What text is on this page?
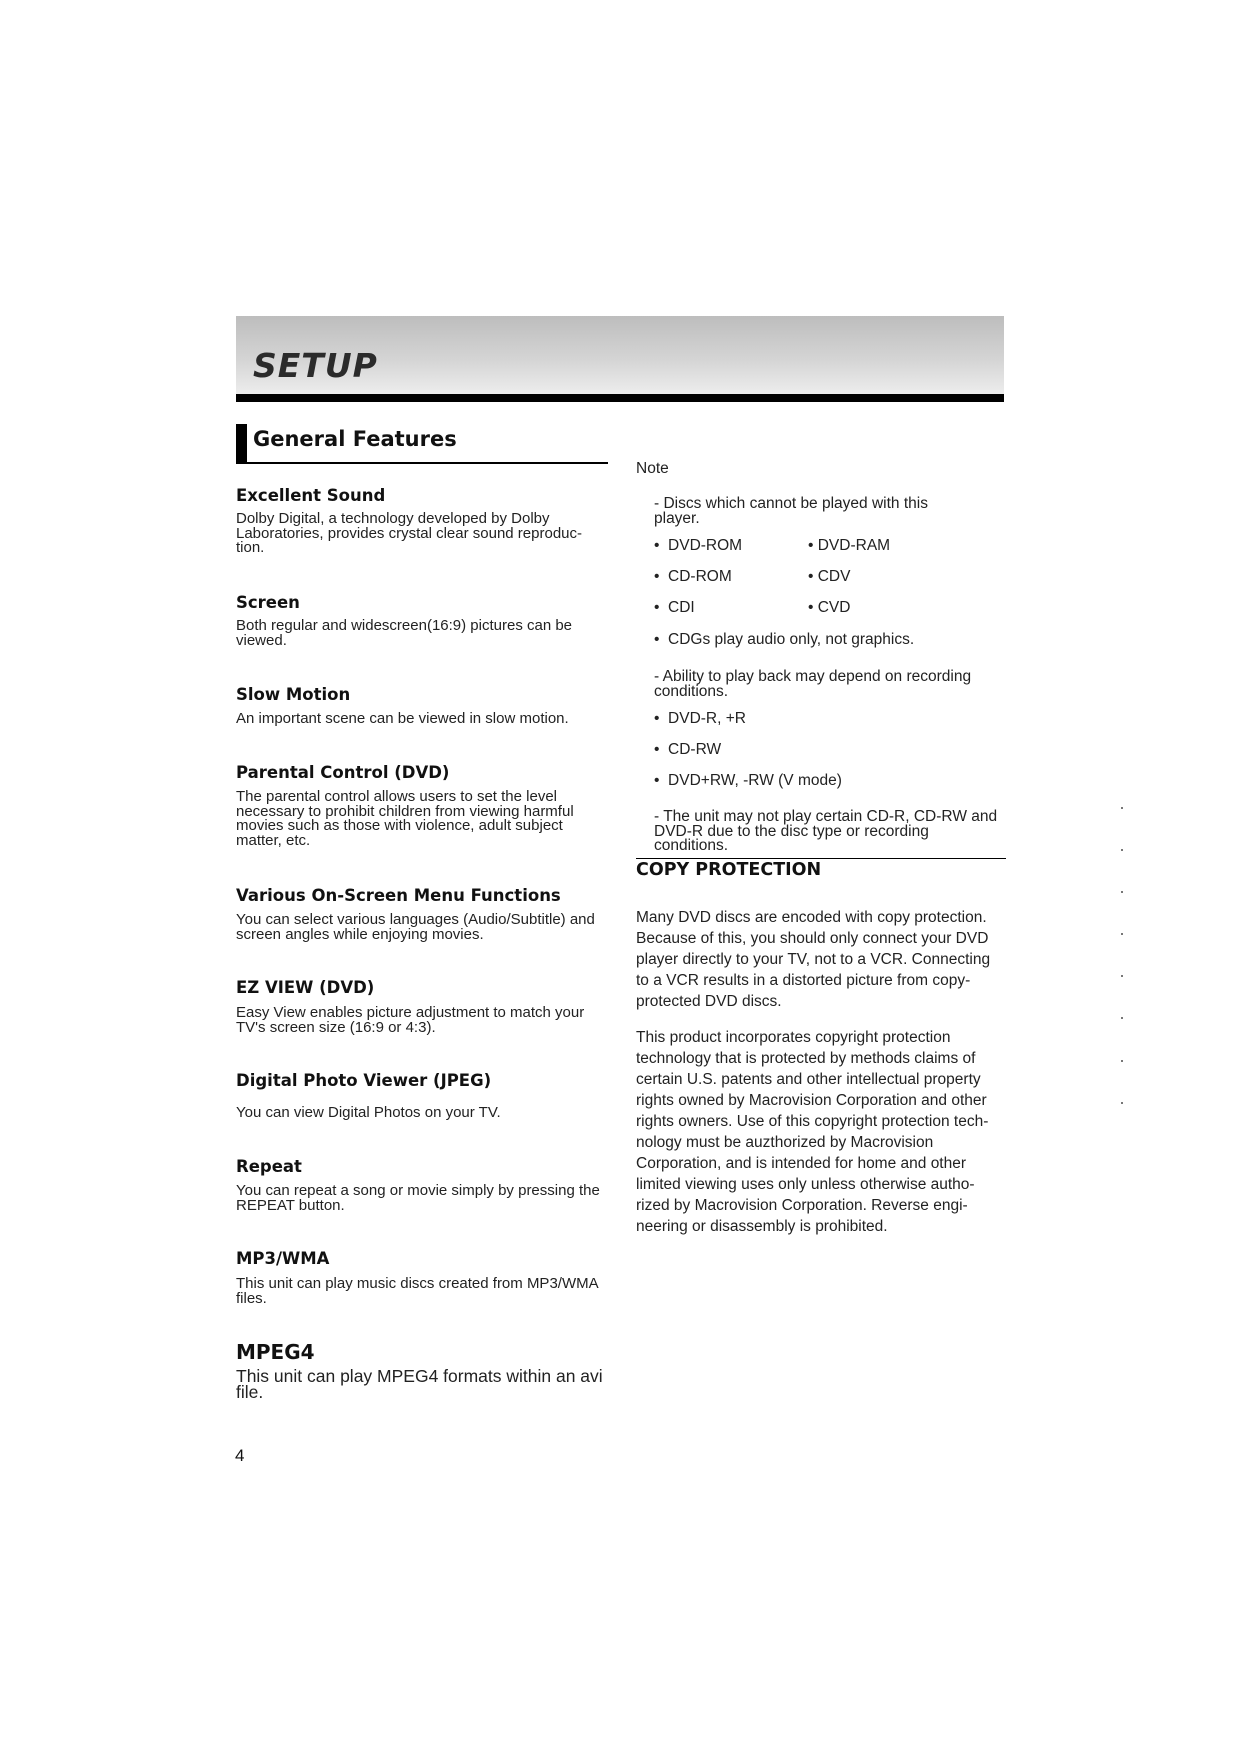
SETUP
General Features
Excellent Sound

Dolby Digital, a technology developed by Dolby Laboratories, provides crystal clear sound reproduc-tion.

Screen

Both regular and widescreen(16:9) pictures can be viewed.

Slow Motion

An important scene can be viewed in slow motion.

Parental Control (DVD)

The parental control allows users to set the level necessary to prohibit children from viewing harmful movies such as those with violence, adult subject matter, etc.

Various On-Screen Menu Functions

You can select various languages (Audio/Subtitle) and screen angles while enjoying movies.

EZ VIEW (DVD)

Easy View enables picture adjustment to match your TV's screen size (16:9 or 4:3).

Digital Photo Viewer (JPEG)

You can view Digital Photos on your TV.

Repeat

You can repeat a song or movie simply by pressing the REPEAT button.

MP3/WMA

This unit can play music discs created from MP3/WMA files.

MPEG4

This unit can play MPEG4 formats within an avi file.

Note

- Discs which cannot be played with this player.

•  DVD-ROM	• DVD-RAM

•  CD-ROM	• CDV

•  CDI	• CVD

•  CDGs play audio only, not graphics.

- Ability to play back may depend on recording conditions.

•  DVD-R, +R

•  CD-RW

•  DVD+RW, -RW (V mode)

- The unit may not play certain CD-R, CD-RW and DVD-R due to the disc type or recording conditions.

COPY PROTECTION

Many DVD discs are encoded with copy protection. Because of this, you should only connect your DVD player directly to your TV, not to a VCR. Connecting to a VCR results in a distorted picture from copy-protected DVD discs.

This product incorporates copyright protection technology that is protected by methods claims of certain U.S. patents and other intellectual property rights owned by Macrovision Corporation and other rights owners. Use of this copyright protection tech-nology must be auzthorized by Macrovision Corporation, and is intended for home and other limited viewing uses only unless otherwise autho-rized by Macrovision Corporation. Reverse engi-neering or disassembly is prohibited.

4
